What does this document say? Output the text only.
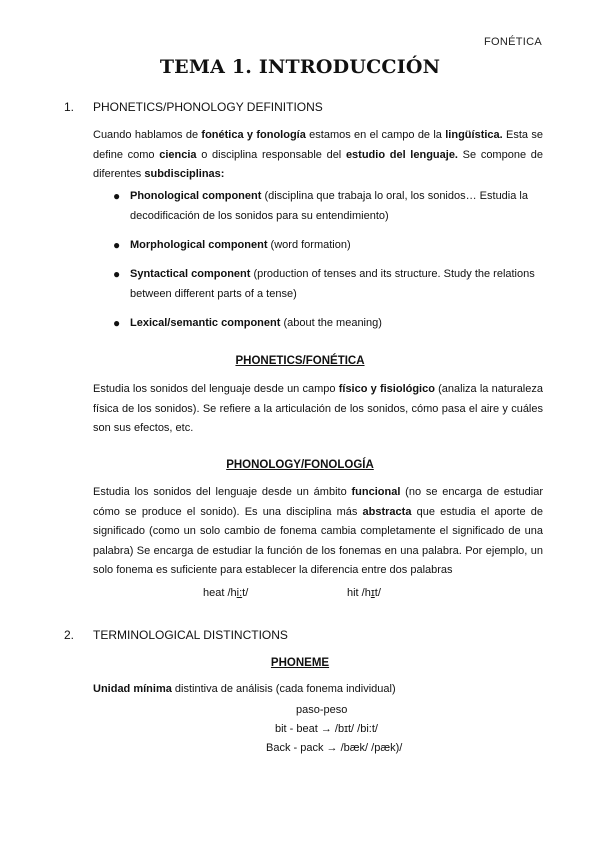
FONÉTICA
TEMA 1. INTRODUCCIÓN
1. PHONETICS/PHONOLOGY DEFINITIONS
Cuando hablamos de fonética y fonología estamos en el campo de la lingüística. Esta se define como ciencia o disciplina responsable del estudio del lenguaje. Se compone de diferentes subdisciplinas:
● Phonological component (disciplina que trabaja lo oral, los sonidos… Estudia la decodificación de los sonidos para su entendimiento)
● Morphological component (word formation)
● Syntactical component (production of tenses and its structure. Study the relations between different parts of a tense)
● Lexical/semantic component (about the meaning)
PHONETICS/FONÉTICA
Estudia los sonidos del lenguaje desde un campo físico y fisiológico (analiza la naturaleza física de los sonidos). Se refiere a la articulación de los sonidos, cómo pasa el aire y cuáles son sus efectos, etc.
PHONOLOGY/FONOLOGÍA
Estudia los sonidos del lenguaje desde un ámbito funcional (no se encarga de estudiar cómo se produce el sonido). Es una disciplina más abstracta que estudia el aporte de significado (como un solo cambio de fonema cambia completamente el significado de una palabra) Se encarga de estudiar la función de los fonemas en una palabra. Por ejemplo, un solo fonema es suficiente para establecer la diferencia entre dos palabras
heat /hi:t/	hit /hɪt/
2. TERMINOLOGICAL DISTINCTIONS
PHONEME
Unidad mínima distintiva de análisis (cada fonema individual)
paso-peso
bit - beat → /bɪt/ /bi:t/
Back - pack → /bæk/ /pæk)/
